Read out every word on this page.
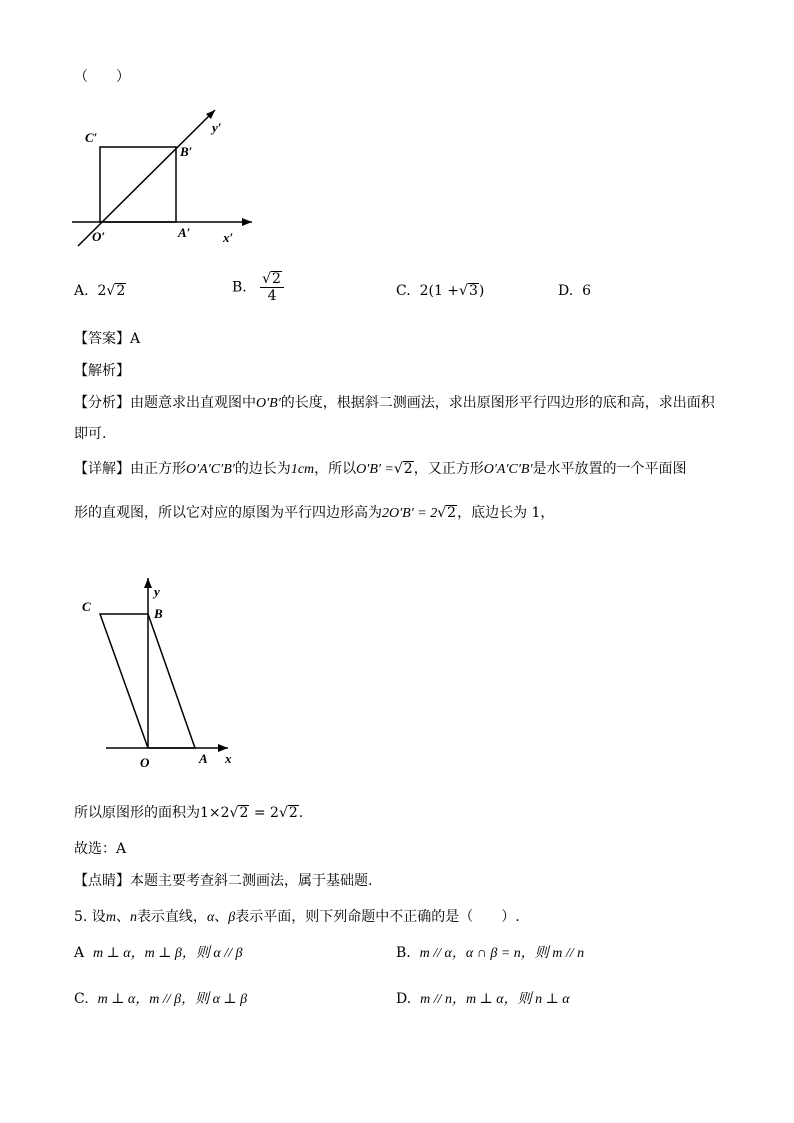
（　　）
C′
B′
y′
O′	A′	x′
A. 2√2	B. $\frac{√2}{4}$	C. 2(1 +√3)	D. 6
【答案】A
【解析】
【分析】由题意求出直观图中O′B′的长度，根据斜二测画法，求出原图形平行四边形的底和高，求出面积
即可.
【详解】由正方形O′A′C′B′的边长为1cm，所以O′B′ =√2，又正方形O′A′C′B′是水平放置的一个平面图
形的直观图，所以它对应的原图为平行四边形高为2O′B′ = 2√2，底边长为 1，
C	B
y
O	A x
所以原图形的面积为1×2√2 = 2√2.
故选：A
【点睛】本题主要考查斜二测画法，属于基础题.
5. 设m、n表示直线，α、β表示平面，则下列命题中不正确的是（　　）.
A m ⊥ α，m ⊥ β，则 α // β	B. m // α，α ∩ β = n，则 m // n
C. m ⊥ α，m // β，则 α ⊥ β	D. m // n，m ⊥ α，则 n ⊥ α
